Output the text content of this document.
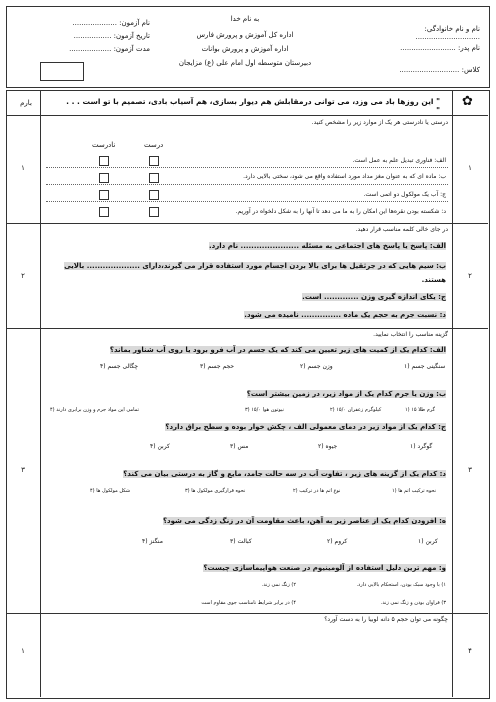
به نام خدا
اداره کل آموزش و پرورش فارس
اداره آموزش و پرورش بوانات
دبیرستان متوسطه اول امام علی (ع) مزایجان
نام و نام خانوادگی: .............................
نام پدر: .........................
کلاس: ...........................
نام آزمون: ....................
تاریخ آزمون: .................
مدت آزمون: ...................
بارم	" این روزها باد می وزد، می توانی درمقابلش هم دیوار بسازی، هم آسیاب بادی، تصمیم با تو است . . . "
✿
درستی یا نادرستی هر یک از موارد زیر را مشخص کنید.
درست
نادرست
الف: فناوری تبدیل علم به عمل است.
ب: ماده ای که به عنوان مغز مداد مورد استفاده واقع می شود، سختی بالایی دارد.
ج: آب یک مولکول دو اتمی است.
د: شکسته بودن نقره‌ها این امکان را به ما می دهد تا آنها را به شکل دلخواه در آوریم.
۱
۱
در جای خالی کلمه مناسب قرار دهید.
الف: پاسخ یا پاسخ های اجتماعی به مسئله ...................... نام دارد.
ب: سیم هایی که در جرثقیل ها برای بالا بردن اجسام مورد استفاده قرار می گیرند،دارای .................... بالایی
هستند.
ج: یکای اندازه گیری وزن ............. است.
د: نسبت جرم به حجم یک ماده ............... نامیده می شود.
۲
۲
گزینه مناسب را انتخاب نمایید.
الف: کدام یک از کمیت های زیر تعیین می کند که یک جسم در آب فرو برود یا روی آب شناور بماند؟
۱) سنگینی جسم
۲) وزن جسم
۳) حجم جسم
۴) چگالی جسم
ب: وزن یا جرم کدام یک از مواد زیر، در زمین بیشتر است؟
۱) ۱۵ گرم طلا
۲) ۱۵/۰ کیلوگرم زعفران
۳) ۱۵/۰ نیوتون هوا
۴) تمامی این مواد جرم و وزن برابری دارند
ج: کدام یک از مواد زیر در دمای معمولی الف ، چکش خوار بوده و سطح براق دارد؟
۱) گوگرد
۲) جیوه
۳) مس
۴) کربن
د: کدام یک از گزینه های زیر ، تفاوت آب در سه حالت جامد، مایع و گاز به درستی بیان می کند؟
۱) نحوه ترکیب اتم ها
۲) نوع اتم ها در ترکیب
۳) نحوه قرارگیری مولکول ها
۴) شکل مولکول ها
ه: افزودن کدام یک از عناصر زیر به آهن، باعث مقاومت آن در زنگ زدگی می شود؟
۱) کربن
۲) کروم
۳) کبالت
۴) منگنز
و: مهم ترین دلیل استفاده از آلومینیوم در صنعت هواپیماسازی چیست؟
۱) با وجود سبک بودن، استحکام بالایی دارد.
۲) زنگ نمی زند.
۳) فراوان بودن و زنگ نمی زند.
۴) در برابر شرایط نامناسب جوی مقاوم است
۳
۳
چگونه می توان حجم ۵ دانه لوبیا را به دست آورد؟
۴
۱
